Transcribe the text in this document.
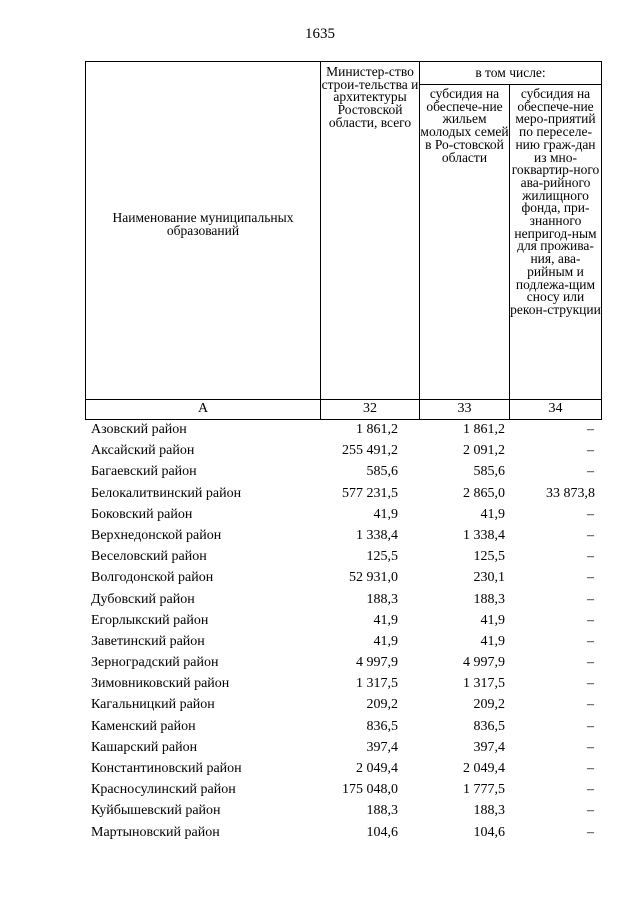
1635
Наименование муниципальных образований	Министер-ство строи-тельства и архитектуры Ростовской области, всего	в том числе:	
		субсидия на обеспече-ние жильем молодых семей в Ро-стовской области	субсидия на обеспече-ние меро-приятий по переселе-нию граж-дан из мно-гоквартир-ного ава-рийного жилищного фонда, при-знанного непригод-ным для прожива-ния, ава-рийным и подлежа-щим сносу или рекон-струкции
А	32	33	34
Азовский район	1 861,2	1 861,2	–
Аксайский район	255 491,2	2 091,2	–
Багаевский район	585,6	585,6	–
Белокалитвинский район	577 231,5	2 865,0	33 873,8
Боковский район	41,9	41,9	–
Верхнедонской район	1 338,4	1 338,4	–
Веселовский район	125,5	125,5	–
Волгодонской район	52 931,0	230,1	–
Дубовский район	188,3	188,3	–
Егорлыкский район	41,9	41,9	–
Заветинский район	41,9	41,9	–
Зерноградский район	4 997,9	4 997,9	–
Зимовниковский район	1 317,5	1 317,5	–
Кагальницкий район	209,2	209,2	–
Каменский район	836,5	836,5	–
Кашарский район	397,4	397,4	–
Константиновский район	2 049,4	2 049,4	–
Красносулинский район	175 048,0	1 777,5	–
Куйбышевский район	188,3	188,3	–
Мартыновский район	104,6	104,6	–
